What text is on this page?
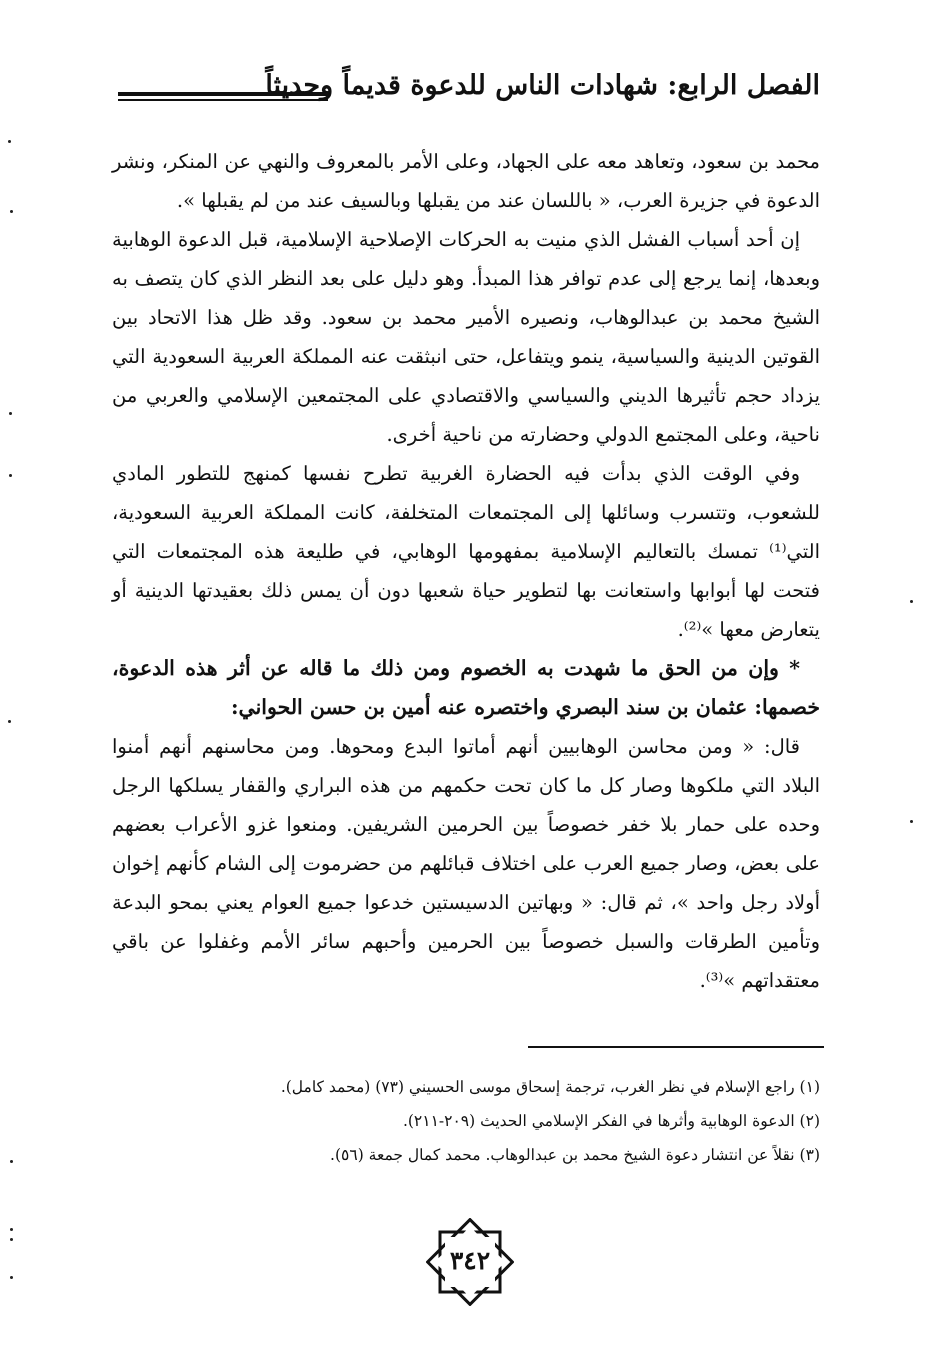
الفصل الرابع: شهادات الناس للدعوة قديماً وحديثاً

محمد بن سعود، وتعاهد معه على الجهاد، وعلى الأمر بالمعروف والنهي عن المنكر، ونشر الدعوة في جزيرة العرب، « باللسان عند من يقبلها وبالسيف عند من لم يقبلها ».

إن أحد أسباب الفشل الذي منيت به الحركات الإصلاحية الإسلامية، قبل الدعوة الوهابية وبعدها، إنما يرجع إلى عدم توافر هذا المبدأ. وهو دليل على بعد النظر الذي كان يتصف به الشيخ محمد بن عبدالوهاب، ونصيره الأمير محمد بن سعود. وقد ظل هذا الاتحاد بين القوتين الدينية والسياسية، ينمو ويتفاعل، حتى انبثقت عنه المملكة العربية السعودية التي يزداد حجم تأثيرها الديني والسياسي والاقتصادي على المجتمعين الإسلامي والعربي من ناحية، وعلى المجتمع الدولي وحضارته من ناحية أخرى.

وفي الوقت الذي بدأت فيه الحضارة الغربية تطرح نفسها كمنهج للتطور المادي للشعوب، وتتسرب وسائلها إلى المجتمعات المتخلفة، كانت المملكة العربية السعودية، التي⁽¹⁾ تمسك بالتعاليم الإسلامية بمفهومها الوهابي، في طليعة هذه المجتمعات التي فتحت لها أبوابها واستعانت بها لتطوير حياة شعبها دون أن يمس ذلك بعقيدتها الدينية أو يتعارض معها »⁽²⁾.

* وإن من الحق ما شهدت به الخصوم ومن ذلك ما قاله عن أثر هذه الدعوة، خصمها: عثمان بن سند البصري واختصره عنه أمين بن حسن الحواني:

قال: « ومن محاسن الوهابيين أنهم أماتوا البدع ومحوها. ومن محاسنهم أنهم أمنوا البلاد التي ملكوها وصار كل ما كان تحت حكمهم من هذه البراري والقفار يسلكها الرجل وحده على حمار بلا خفر خصوصاً بين الحرمين الشريفين. ومنعوا غزو الأعراب بعضهم على بعض، وصار جميع العرب على اختلاف قبائلهم من حضرموت إلى الشام كأنهم إخوان أولاد رجل واحد »، ثم قال: « وبهاتين الدسيستين خدعوا جميع العوام يعني بمحو البدعة وتأمين الطرقات والسبل خصوصاً بين الحرمين وأحبهم سائر الأمم وغفلوا عن باقي معتقداتهم »⁽³⁾.

(١) راجع الإسلام في نظر الغرب، ترجمة إسحاق موسى الحسيني (٧٣) (محمد كامل).

(٢) الدعوة الوهابية وأثرها في الفكر الإسلامي الحديث (٢٠٩-٢١١).

(٣) نقلاً عن انتشار دعوة الشيخ محمد بن عبدالوهاب. محمد كمال جمعة (٥٦).

٣٤٢
